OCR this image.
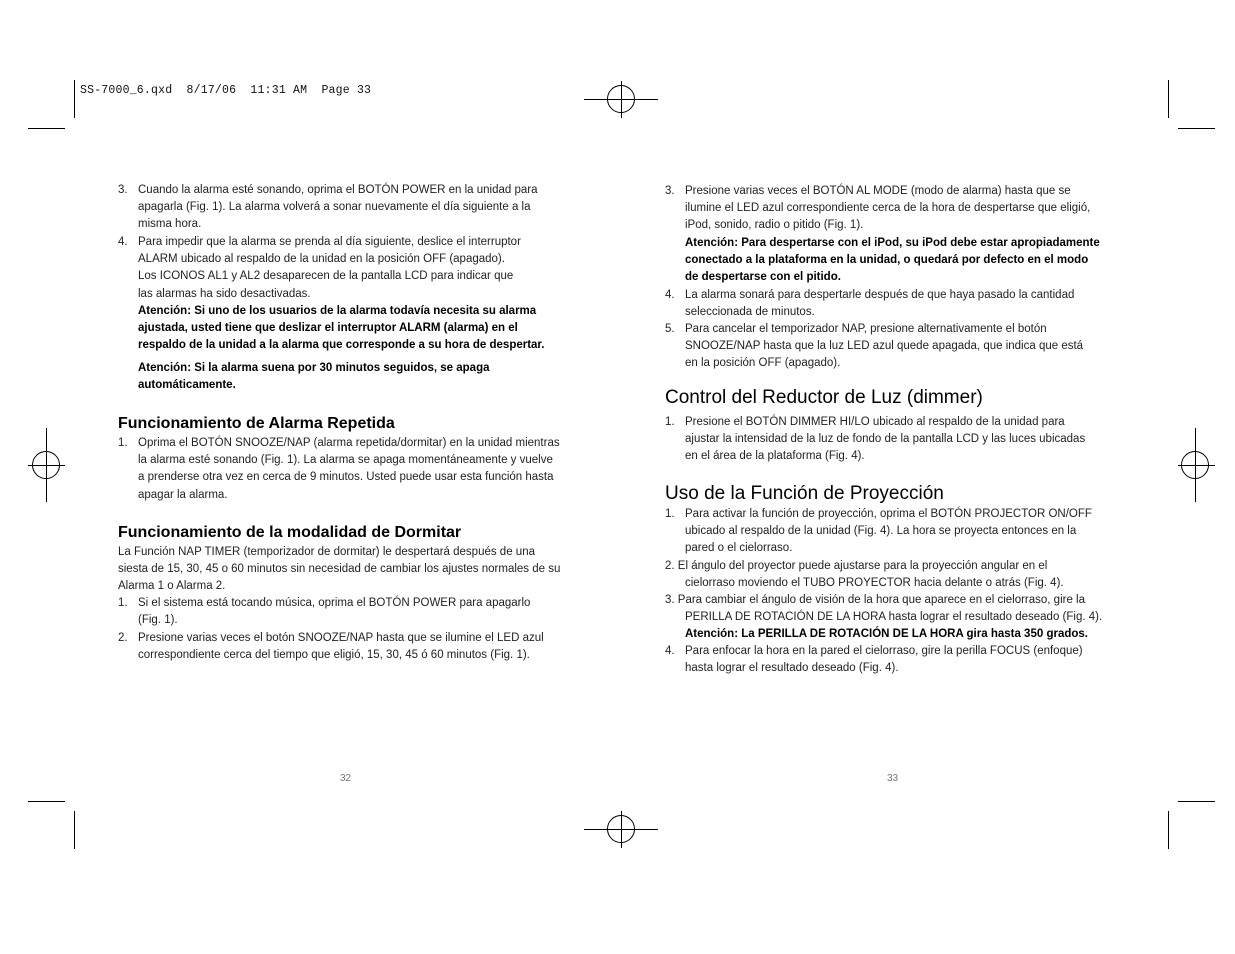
SS-7000_6.qxd  8/17/06  11:31 AM  Page 33
3. Cuando la alarma esté sonando, oprima el BOTÓN POWER en la unidad para
apagarla (Fig. 1). La alarma volverá a sonar nuevamente el día siguiente a la
misma hora.
4. Para impedir que la alarma se prenda al día siguiente, deslice el interruptor
ALARM ubicado al respaldo de la unidad en la posición OFF (apagado).
Los ICONOS AL1 y AL2 desaparecen de la pantalla LCD para indicar que
las alarmas ha sido desactivadas.
Atención: Si uno de los usuarios de la alarma todavía necesita su alarma
ajustada, usted tiene que deslizar el interruptor ALARM (alarma) en el
respaldo de la unidad a la alarma que corresponde a su hora de despertar.
Atención: Si la alarma suena por 30 minutos seguidos, se apaga
automáticamente.
Funcionamiento de Alarma Repetida
1. Oprima el BOTÓN SNOOZE/NAP (alarma repetida/dormitar) en la unidad mientras
la alarma esté sonando (Fig. 1). La alarma se apaga momentáneamente y vuelve
a prenderse otra vez en cerca de 9 minutos. Usted puede usar esta función hasta
apagar la alarma.
Funcionamiento de la modalidad de Dormitar
La Función NAP TIMER (temporizador de dormitar) le despertará después de una
siesta de 15, 30, 45 o 60 minutos sin necesidad de cambiar los ajustes normales de su
Alarma 1 o Alarma 2.
1. Si el sistema está tocando música, oprima el BOTÓN POWER para apagarlo
(Fig. 1).
2. Presione varias veces el botón SNOOZE/NAP hasta que se ilumine el LED azul
correspondiente cerca del tiempo que eligió, 15, 30, 45 ó 60 minutos (Fig. 1).
32
3. Presione varias veces el BOTÓN AL MODE (modo de alarma) hasta que se
ilumine el LED azul correspondiente cerca de la hora de despertarse que eligió,
iPod, sonido, radio o pitido (Fig. 1).
Atención: Para despertarse con el iPod, su iPod debe estar apropiadamente
conectado a la plataforma en la unidad, o quedará por defecto en el modo
de despertarse con el pitido.
4. La alarma sonará para despertarle después de que haya pasado la cantidad
seleccionada de minutos.
5. Para cancelar el temporizador NAP, presione alternativamente el botón
SNOOZE/NAP hasta que la luz LED azul quede apagada, que indica que está
en la posición OFF (apagado).
Control del Reductor de Luz (dimmer)
1. Presione el BOTÓN DIMMER HI/LO ubicado al respaldo de la unidad para
ajustar la intensidad de la luz de fondo de la pantalla LCD y las luces ubicadas
en el área de la plataforma (Fig. 4).
Uso de la Función de Proyección
1. Para activar la función de proyección, oprima el BOTÓN PROJECTOR ON/OFF
ubicado al respaldo de la unidad (Fig. 4). La hora se proyecta entonces en la
pared o el cielorraso.
2. El ángulo del proyector puede ajustarse para la proyección angular en el
cielorraso moviendo el TUBO PROYECTOR hacia delante o atrás (Fig. 4).
3. Para cambiar el ángulo de visión de la hora que aparece en el cielorraso, gire la
PERILLA DE ROTACIÓN DE LA HORA hasta lograr el resultado deseado (Fig. 4).
Atención: La PERILLA DE ROTACIÓN DE LA HORA gira hasta 350 grados.
4. Para enfocar la hora en la pared el cielorraso, gire la perilla FOCUS (enfoque)
hasta lograr el resultado deseado (Fig. 4).
33
